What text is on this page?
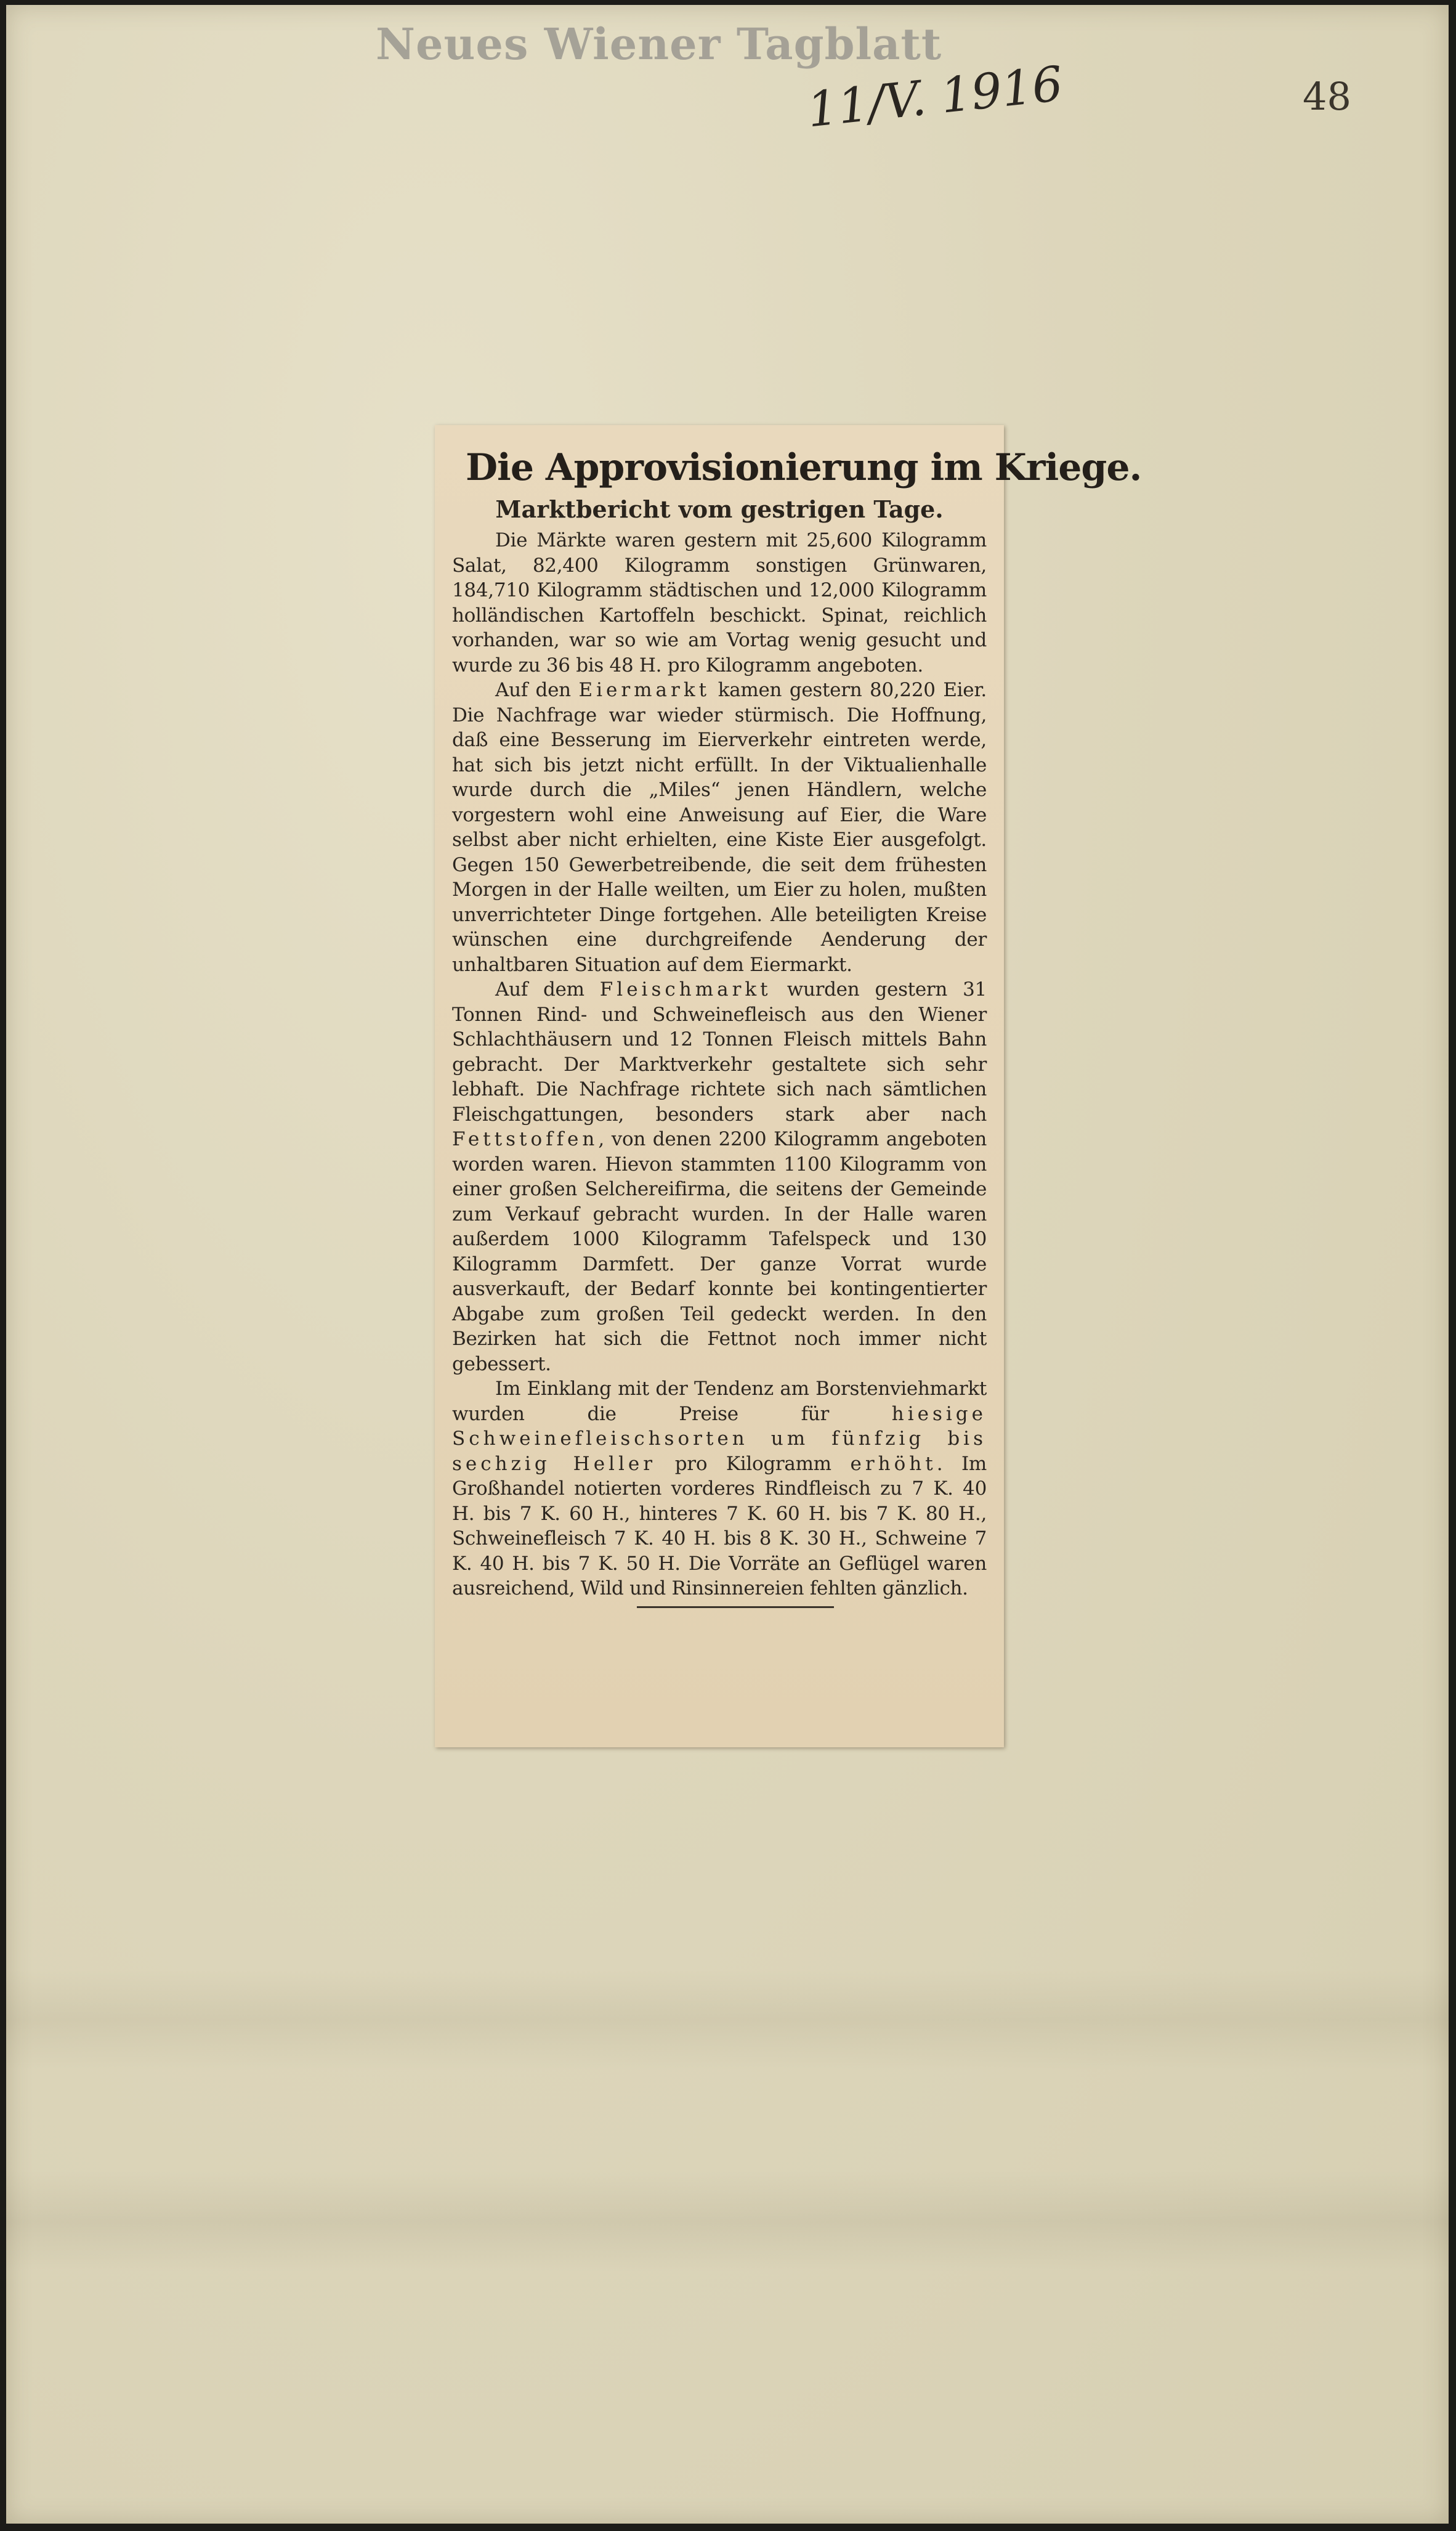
Neues Wiener Tagblatt
11/V. 1916	48
Die Approvisionierung im Kriege.
Marktbericht vom gestrigen Tage.

Die Märkte waren gestern mit 25,600 Kilogramm Salat, 82,400 Kilogramm sonstigen Grünwaren, 184,710 Kilogramm städtischen und 12,000 Kilogramm holländischen Kartoffeln beschickt. Spinat, reichlich vorhanden, war so wie am Vortag wenig gesucht und wurde zu 36 bis 48 H. pro Kilogramm angeboten.

Auf den Eiermarkt kamen gestern 80,220 Eier. Die Nachfrage war wieder stürmisch. Die Hoffnung, daß eine Besserung im Eierverkehr eintreten werde, hat sich bis jetzt nicht erfüllt. In der Viktualienhalle wurde durch die „Miles“ jenen Händlern, welche vorgestern wohl eine Anweisung auf Eier, die Ware selbst aber nicht erhielten, eine Kiste Eier ausgefolgt. Gegen 150 Gewerbetreibende, die seit dem frühesten Morgen in der Halle weilten, um Eier zu holen, mußten unverrichteter Dinge fortgehen. Alle beteiligten Kreise wünschen eine durchgreifende Aenderung der unhaltbaren Situation auf dem Eiermarkt.

Auf dem Fleischmarkt wurden gestern 31 Tonnen Rind- und Schweinefleisch aus den Wiener Schlachthäusern und 12 Tonnen Fleisch mittels Bahn gebracht. Der Marktverkehr gestaltete sich sehr lebhaft. Die Nachfrage richtete sich nach sämtlichen Fleischgattungen, besonders stark aber nach Fettstoffen, von denen 2200 Kilogramm angeboten worden waren. Hievon stammten 1100 Kilogramm von einer großen Selchereifirma, die seitens der Gemeinde zum Verkauf gebracht wurden. In der Halle waren außerdem 1000 Kilogramm Tafelspeck und 130 Kilogramm Darmfett. Der ganze Vorrat wurde ausverkauft, der Bedarf konnte bei kontingentierter Abgabe zum großen Teil gedeckt werden. In den Bezirken hat sich die Fettnot noch immer nicht gebessert.

Im Einklang mit der Tendenz am Borstenviehmarkt wurden die Preise für hiesige Schweinefleischsorten um fünfzig bis sechzig Heller pro Kilogramm erhöht. Im Großhandel notierten vorderes Rindfleisch zu 7 K. 40 H. bis 7 K. 60 H., hinteres 7 K. 60 H. bis 7 K. 80 H., Schweinefleisch 7 K. 40 H. bis 8 K. 30 H., Schweine 7 K. 40 H. bis 7 K. 50 H. Die Vorräte an Geflügel waren ausreichend, Wild und Rinsinnereien fehlten gänzlich.
